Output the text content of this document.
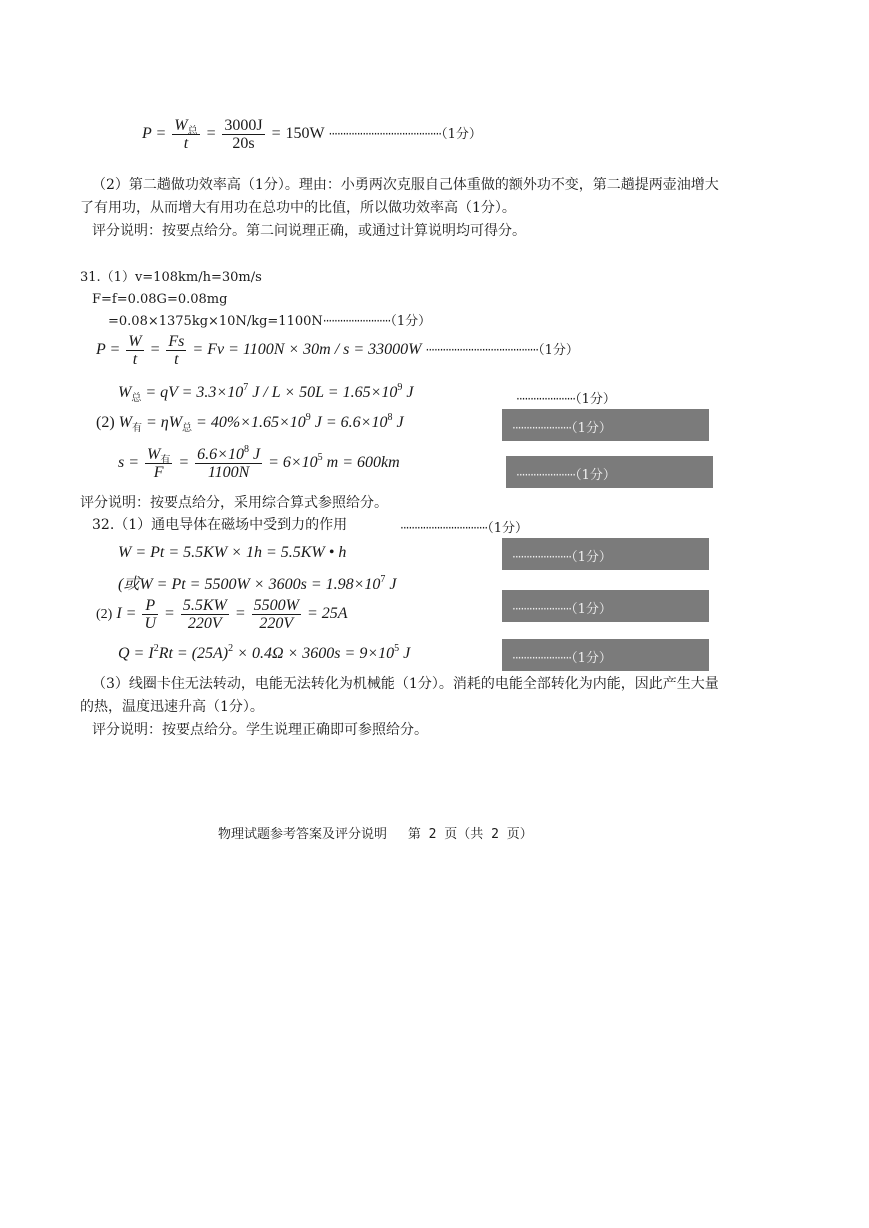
$P = \frac{W_总}{t} = \frac{3000J}{20s} = 150W \cdot\cdot\cdot\cdot\cdot\cdot\cdot\cdot\cdot\cdot\cdot\cdot\cdot\cdot\cdot\cdot\cdot\cdot\cdot\cdot\cdot\cdot\cdot\cdot\cdot\cdot\cdot\cdot\cdot\cdot\cdot\cdot\cdot\cdot\cdot\cdot\cdot\cdot\cdot\cdot(1$分）
（2）第二趟做功效率高（1分）。理由：小勇两次克服自己体重做的额外功不变，第二趟提两壶油增大
了有用功，从而增大有用功在总功中的比值，所以做功效率高（1分）。
评分说明：按要点给分。第二问说理正确，或通过计算说明均可得分。
31.（1）v=108km/h=30m/s
F=f=0.08G=0.08mg
=0.08×1375kg×10N/kg=1100N························（1分）
$P = \frac{W}{t} = \frac{Fs}{t} = Fv = 1100N \times 30m / s = 33000W \cdot\cdot\cdot\cdot\cdot\cdot\cdot\cdot\cdot\cdot\cdot\cdot\cdot\cdot\cdot\cdot\cdot\cdot\cdot\cdot\cdot\cdot\cdot\cdot\cdot\cdot\cdot\cdot\cdot\cdot\cdot\cdot\cdot\cdot\cdot\cdot\cdot\cdot\cdot\cdot(1$分）
$W_总$ = qV = $3.3\times 10^7$ $J / L \times 50L = 1.65\times 10^9$ J	·····················（1分）
(2) $W_有 = \eta W_总 = 40\%\times 1.65\times 10^9$ $J = 6.6\times 10^8$ J	·····················（1分）
$s = \frac{W_有}{F} = \frac{6.6\times 10^8 J}{1100N} = 6\times 10^5$ m = 600km
·····················（1分）
评分说明：按要点给分，采用综合算式参照给分。
32.（1）通电导体在磁场中受到力的作用	·······························（1分）
W = Pt = 5.5KW × 1h = 5.5KW • h	·····················（1分）
(或$W = Pt = 5500W \times 3600s = 1.98\times 10^7$ J
(2) $I = \frac{P}{U} = \frac{5.5KW}{220V} = \frac{5500W}{220V} = 25A$	·····················（1分）
$Q = I^2Rt = (25A)^2 \times 0.4\Omega \times 3600s = 9\times 10^5$ J	·····················（1分）
（3）线圈卡住无法转动，电能无法转化为机械能（1分）。消耗的电能全部转化为内能，因此产生大量
的热，温度迅速升高（1分）。
评分说明：按要点给分。学生说理正确即可参照给分。
物理试题参考答案及评分说明　 第 2 页（共 2 页）
